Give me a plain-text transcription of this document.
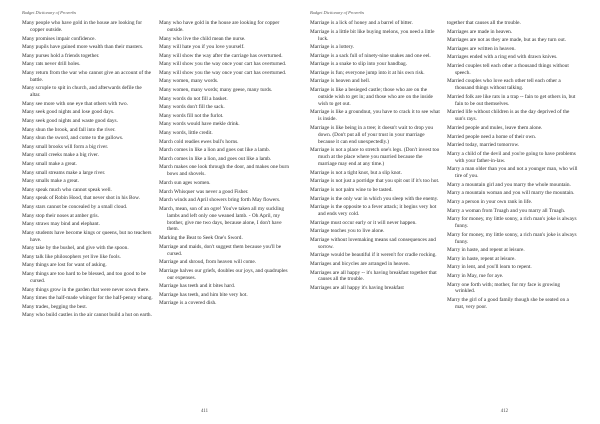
Budget Dictionary of Proverbs
Many people who have gold in the house are looking for copper outside.
Many promises impair confidence.
Many pupils have gained more wealth than their masters.
Many purses hold a friends together.
Many rats never drill holes.
Many return from the war who cannot give an account of the battle.
Many scruple to spit in church, and afterwards defile the altar.
Many see more with one eye that others with two.
Many seek good nights and lose good days.
Many seek good nights and waste good days.
Many shun the brook, and fall into the river.
Many shun the sword, and come to the gallows.
Many small brooks will form a big river.
Many small creeks make a big river.
Many small make a great.
Many small streams make a large river.
Many smalls make a great.
Many speak much who cannot speak well.
Many speak of Robin Hood, that never shot in his Bow.
Many stars cannot be concealed by a small cloud.
Many stop their noses at amber gris.
Many straws may bind and elephant.
Many students have become kings or queens, but no teachers have.
Many take by the bushel, and give with the spoon.
Many talk like philosophers yet live like fools.
Many things are lost for want of asking.
Many things are too hard to be blessed, and too good to be cursed.
Many things grow in the garden that were never sown there.
Many times the half-made whinger for the half-penny whang.
Many trades, begging the best.
Many who build castles in the air cannot build a hut on earth.
Many who have gold in the house are looking for copper outside.
Many who live the child mean the nurse.
Many will hate you if you love yourself.
Many will show the way after the carriage has overturned.
Many will show you the way once your cart has overturned.
Many will show you the way once your cart has overturned.
Many women, many words.
Many women, many words; many geese, many turds.
Many words do not fill a basket.
Many words don't fill the sack.
Many words fill not the furlot.
Many words would have mekle drink.
Many words, little credit.
March cold readies ewes bull's horns.
March comes in like a lion and goes out like a lamb.
March comes in like a lion, and goes out like a lamb.
March makes one look through the door, and makes one burn bows and shovels.
March sun ages women.
March Whisquer was never a good Fisher.
March winds and April showers bring forth May flowers.
March, mean, son of an ogre! You've taken all my suckling lambs and left only one weaned lamb. - Oh April, my brother, give me two days, because alone, I don't have them.
Marking the Beat to Seek One's Sword.
Marriage and maids, don't suggest them because you'll be cursed.
Marriage and shroud, from heaven will come.
Marriage halves our griefs, doubles our joys, and quadruples our expenses.
Marriage has teeth and it bites hard.
Marriage has teeth, and him bite very hot.
Marriage is a covered dish.
411
Budget Dictionary of Proverbs
Marriage is a lick of honey and a barrel of bitter.
Marriage is a little bit like buying melons, you need a little luck.
Marriage is a lottery.
Marriage is a sack full of ninety-nine snakes and one eel.
Marriage is a snake to slip into your handbag.
Marriage is fun; everyone jump into it at his own risk.
Marriage is heaven and hell.
Marriage is like a besieged castle; those who are on the outside wish to get in; and those who are on the inside wish to get out.
Marriage is like a groundnut, you have to crack it to see what is inside.
Marriage is like being in a tree; it doesn't wait to drop you down. (Don't put all of your trust in your marriage because it can end unexpectedly.)
Marriage is not a place to stretch one's legs. (Don't invest too much at the place where you married because the marriage may end at any time.)
Marriage is not a tight knot, but a slip knot.
Marriage is not just a porridge that you spit out if it's too hot.
Marriage is not palm wine to be tasted.
Marriage is the only war in which you sleep with the enemy.
Marriage is the opposite to a fever attack; it begins very hot and ends very cold.
Marriage must occur early or it will never happen.
Marriage teaches you to live alone.
Marriage without lovemaking means sad consequences and sorrow.
Marriage would be beautiful if it weren't for cradle rocking.
Marriages and bicycles are arranged in heaven.
Marriages are all happy -- it's having breakfast together that causes all the trouble.
Marriages are all happy it's having breakfast
together that causes all the trouble.
Marriages are made in heaven.
Marriages are not as they are made, but as they turn out.
Marriages are written in heaven.
Marriages ended with a ring end with drawn knives.
Married couples tell each other a thousand things without speech.
Married couples who love each other tell each other a thousand things without talking.
Married folk are like rats in a trap -- fain to get others in, but fain to be out themselves.
Married life without children is as the day deprived of the sun's rays.
Married people and mules, leave them alone.
Married people need a home of their own.
Married today, married tomorrow.
Marry a child of the devil and you're going to have problems with your father-in-law.
Marry a man older than you and not a younger man, who will tire of you.
Marry a mountain girl and you marry the whole mountain.
Marry a mountain woman and you will marry the mountain.
Marry a person in your own rank in life.
Marry a woman from Truagh and you marry all Truagh.
Marry for money, my little sonny, a rich man's joke is always funny.
Marry for money, my little sonny, a rich man's joke is always funny.
Marry in haste, and repent at leisure.
Marry in haste, repent at leisure.
Marry in lent, and you'll learn to repent.
Marry in May, rue for aye.
Marry one forth with; mother, for my face is growing wrinkled.
Marry the girl of a good family though she be seated on a mat, very poor.
412
